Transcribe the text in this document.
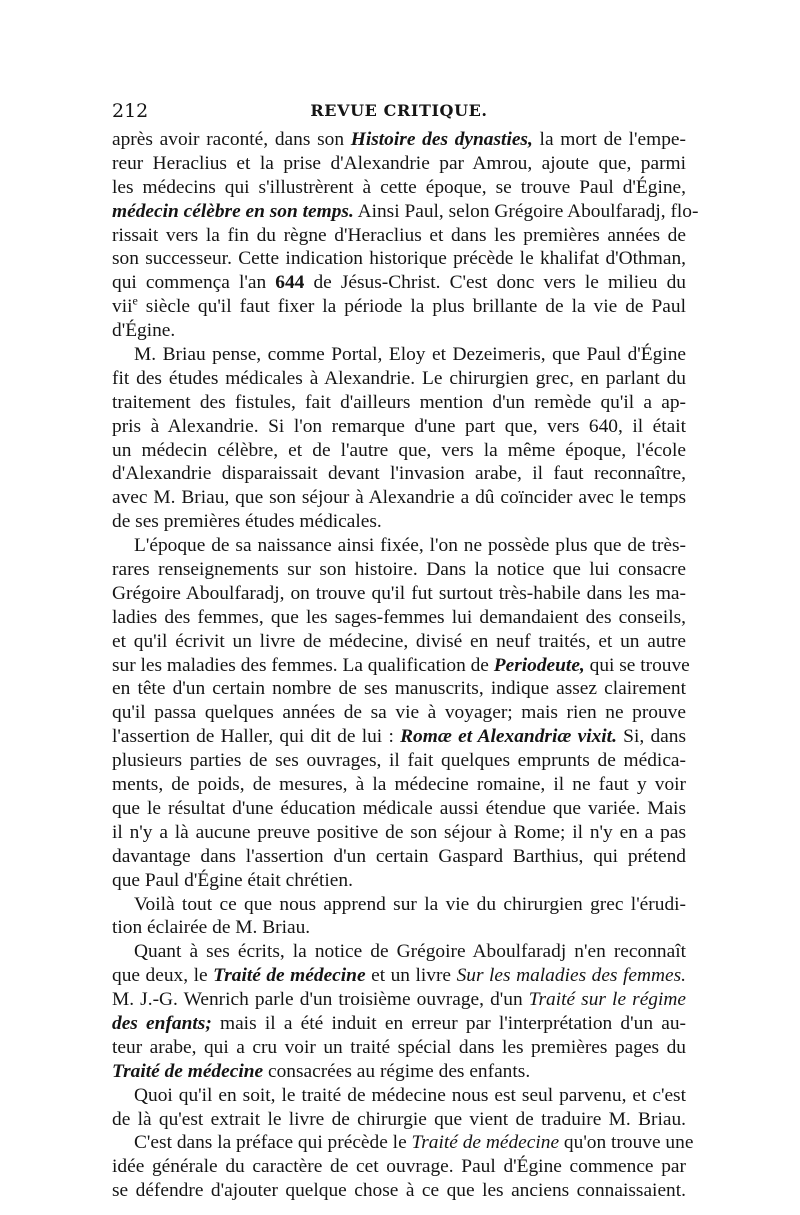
212	REVUE CRITIQUE.
après avoir raconté, dans son Histoire des dynasties, la mort de l'empe-
reur Heraclius et la prise d'Alexandrie par Amrou, ajoute que, parmi
les médecins qui s'illustrèrent à cette époque, se trouve Paul d'Égine,
médecin célèbre en son temps. Ainsi Paul, selon Grégoire Aboulfaradj, flo-
rissait vers la fin du règne d'Heraclius et dans les premières années de
son successeur. Cette indication historique précède le khalifat d'Othman,
qui commença l'an 644 de Jésus-Christ. C'est donc vers le milieu du
vii$^e$ siècle qu'il faut fixer la période la plus brillante de la vie de Paul
d'Égine.
M. Briau pense, comme Portal, Eloy et Dezeimeris, que Paul d'Égine
fit des études médicales à Alexandrie. Le chirurgien grec, en parlant du
traitement des fistules, fait d'ailleurs mention d'un remède qu'il a ap-
pris à Alexandrie. Si l'on remarque d'une part que, vers 640, il était
un médecin célèbre, et de l'autre que, vers la même époque, l'école
d'Alexandrie disparaissait devant l'invasion arabe, il faut reconnaître,
avec M. Briau, que son séjour à Alexandrie a dû coïncider avec le temps
de ses premières études médicales.
L'époque de sa naissance ainsi fixée, l'on ne possède plus que de très-
rares renseignements sur son histoire. Dans la notice que lui consacre
Grégoire Aboulfaradj, on trouve qu'il fut surtout très-habile dans les ma-
ladies des femmes, que les sages-femmes lui demandaient des conseils,
et qu'il écrivit un livre de médecine, divisé en neuf traités, et un autre
sur les maladies des femmes. La qualification de Periodeute, qui se trouve
en tête d'un certain nombre de ses manuscrits, indique assez clairement
qu'il passa quelques années de sa vie à voyager; mais rien ne prouve
l'assertion de Haller, qui dit de lui : Romæ et Alexandriæ vixit. Si, dans
plusieurs parties de ses ouvrages, il fait quelques emprunts de médica-
ments, de poids, de mesures, à la médecine romaine, il ne faut y voir
que le résultat d'une éducation médicale aussi étendue que variée. Mais
il n'y a là aucune preuve positive de son séjour à Rome; il n'y en a pas
davantage dans l'assertion d'un certain Gaspard Barthius, qui prétend
que Paul d'Égine était chrétien.
Voilà tout ce que nous apprend sur la vie du chirurgien grec l'érudi-
tion éclairée de M. Briau.
Quant à ses écrits, la notice de Grégoire Aboulfaradj n'en reconnaît
que deux, le Traité de médecine et un livre Sur les maladies des femmes.
M. J.-G. Wenrich parle d'un troisième ouvrage, d'un Traité sur le régime
des enfants; mais il a été induit en erreur par l'interprétation d'un au-
teur arabe, qui a cru voir un traité spécial dans les premières pages du
Traité de médecine consacrées au régime des enfants.
Quoi qu'il en soit, le traité de médecine nous est seul parvenu, et c'est
de là qu'est extrait le livre de chirurgie que vient de traduire M. Briau.
C'est dans la préface qui précède le Traité de médecine qu'on trouve une
idée générale du caractère de cet ouvrage. Paul d'Égine commence par
se défendre d'ajouter quelque chose à ce que les anciens connaissaient.
